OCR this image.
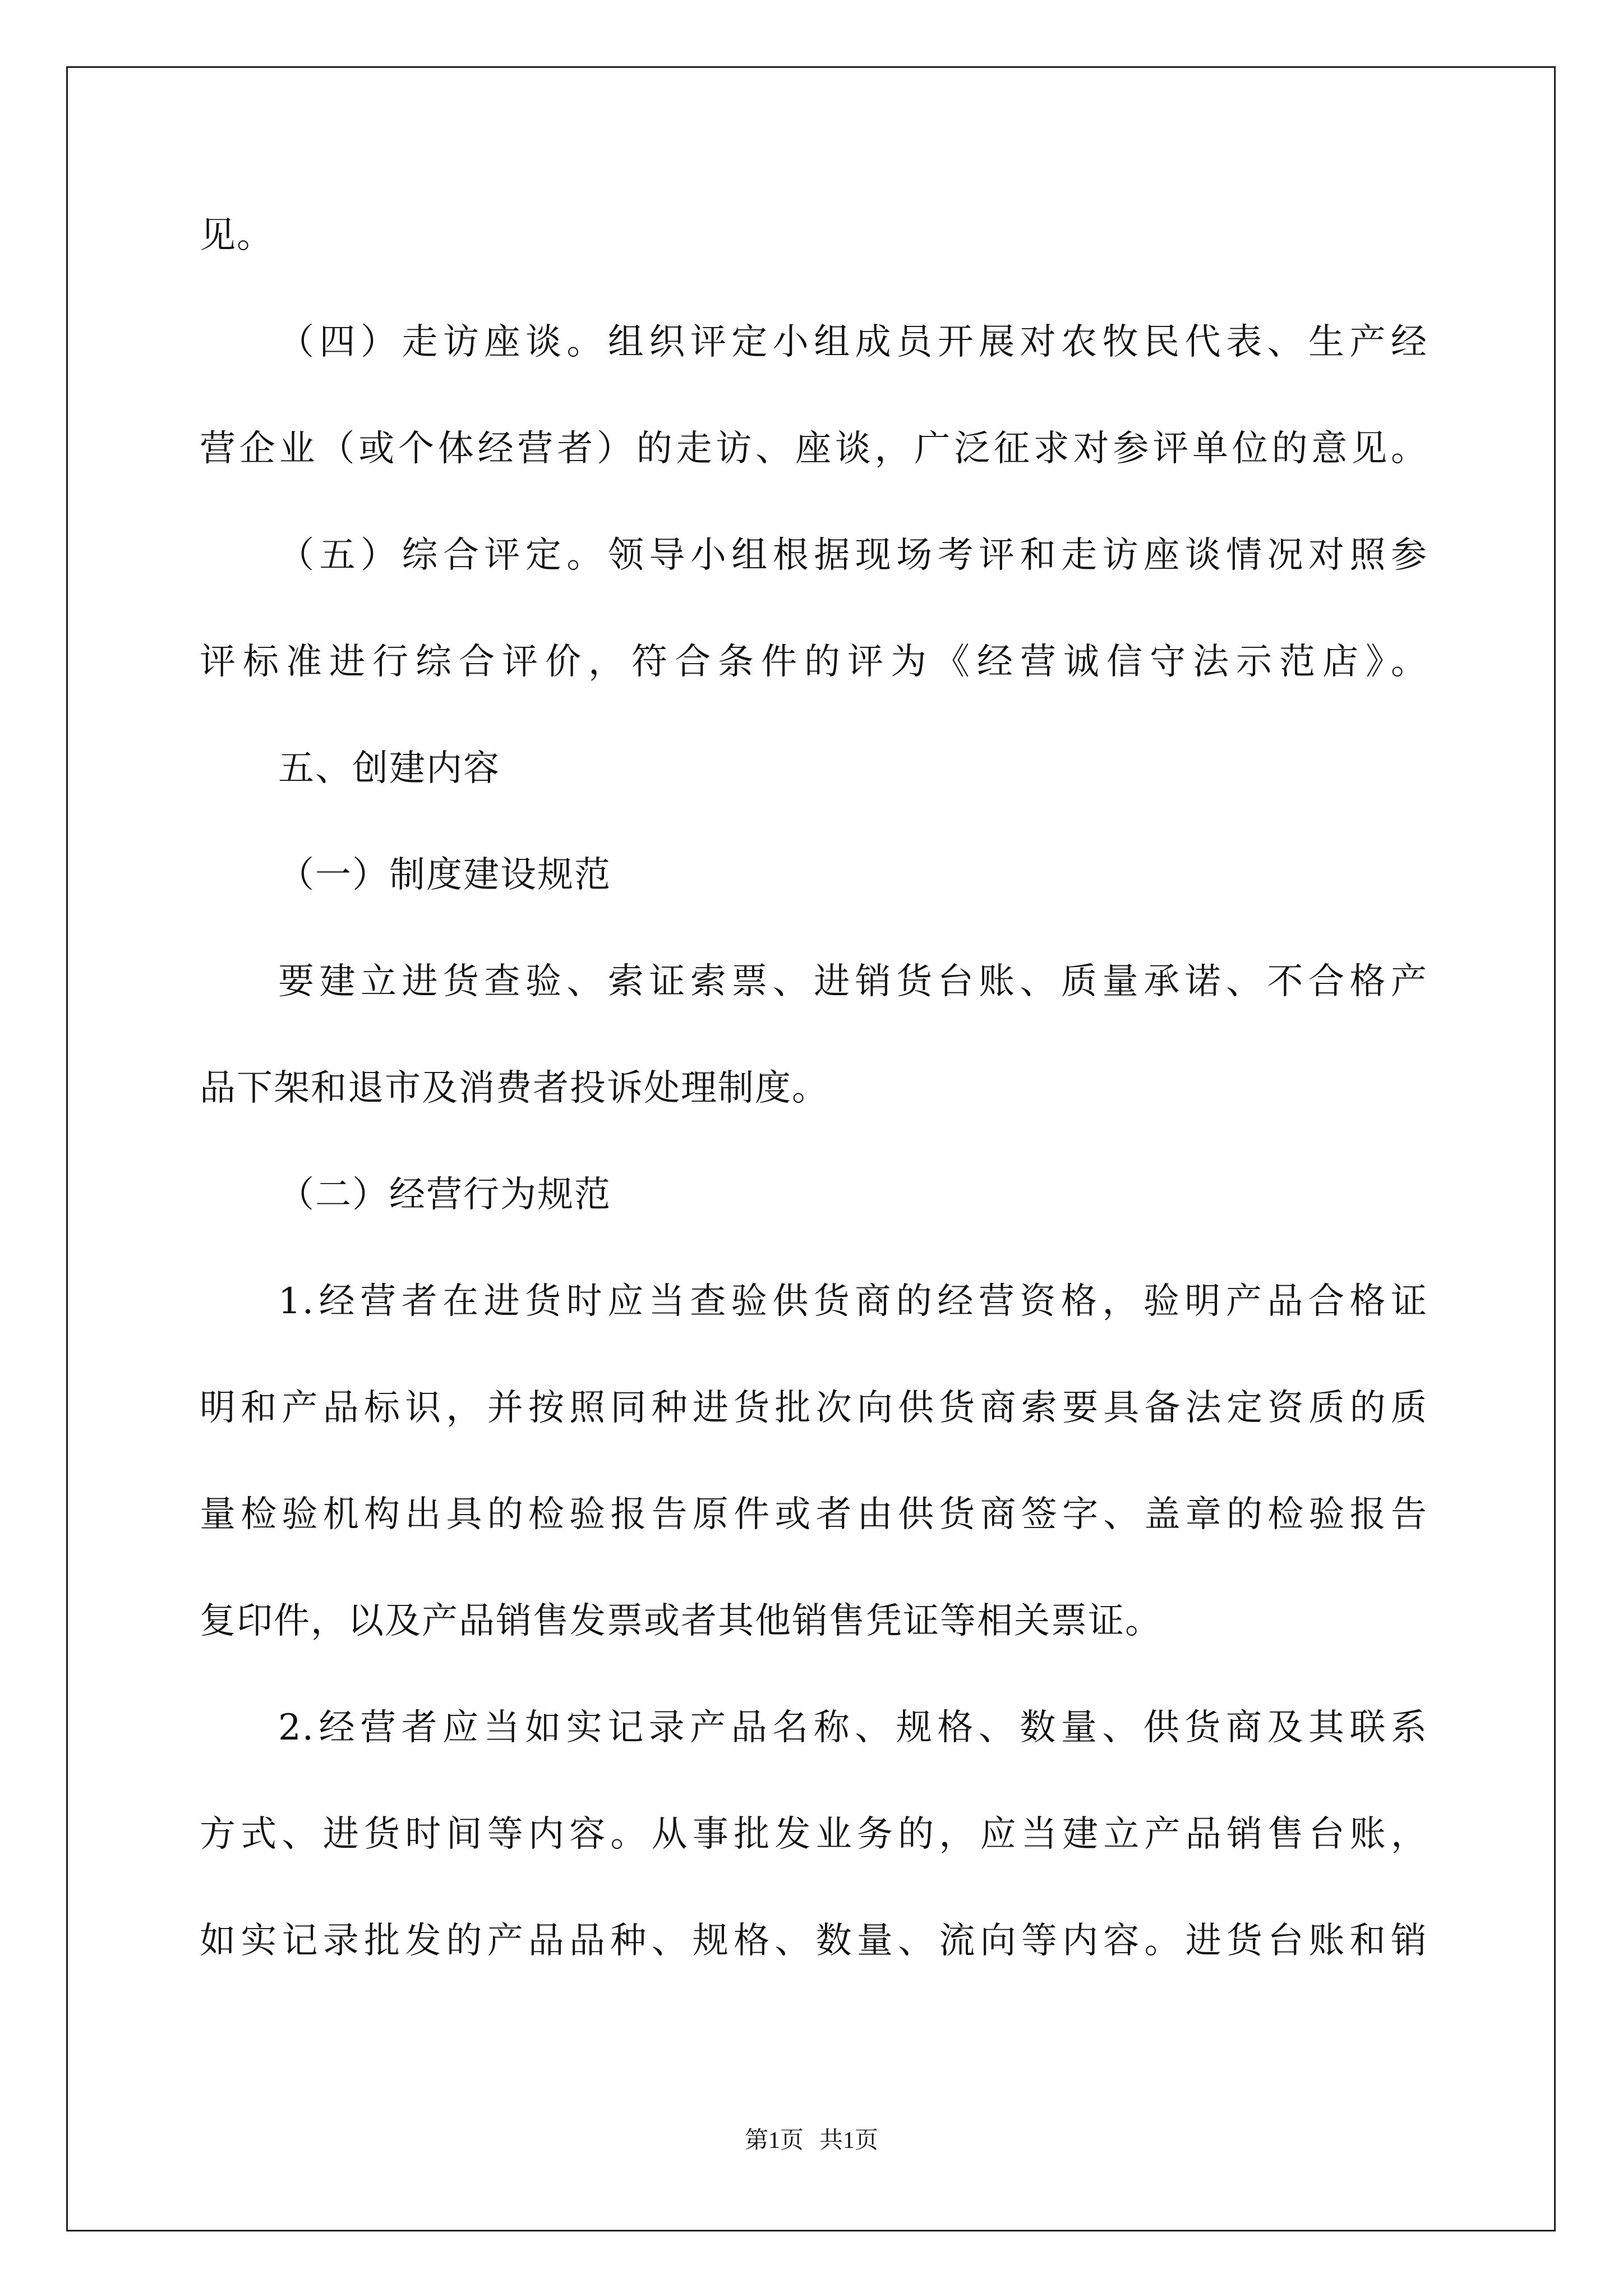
见。
（四）走访座谈。组织评定小组成员开展对农牧民代表、生产经
营企业（或个体经营者）的走访、座谈，广泛征求对参评单位的意见。
（五）综合评定。领导小组根据现场考评和走访座谈情况对照参
评标准进行综合评价，符合条件的评为《经营诚信守法示范店》。
五、创建内容
（一）制度建设规范
要建立进货查验、索证索票、进销货台账、质量承诺、不合格产
品下架和退市及消费者投诉处理制度。
（二）经营行为规范
1.经营者在进货时应当查验供货商的经营资格，验明产品合格证
明和产品标识，并按照同种进货批次向供货商索要具备法定资质的质
量检验机构出具的检验报告原件或者由供货商签字、盖章的检验报告
复印件，以及产品销售发票或者其他销售凭证等相关票证。
2.经营者应当如实记录产品名称、规格、数量、供货商及其联系
方式、进货时间等内容。从事批发业务的，应当建立产品销售台账，
如实记录批发的产品品种、规格、数量、流向等内容。进货台账和销
第1页 共1页
